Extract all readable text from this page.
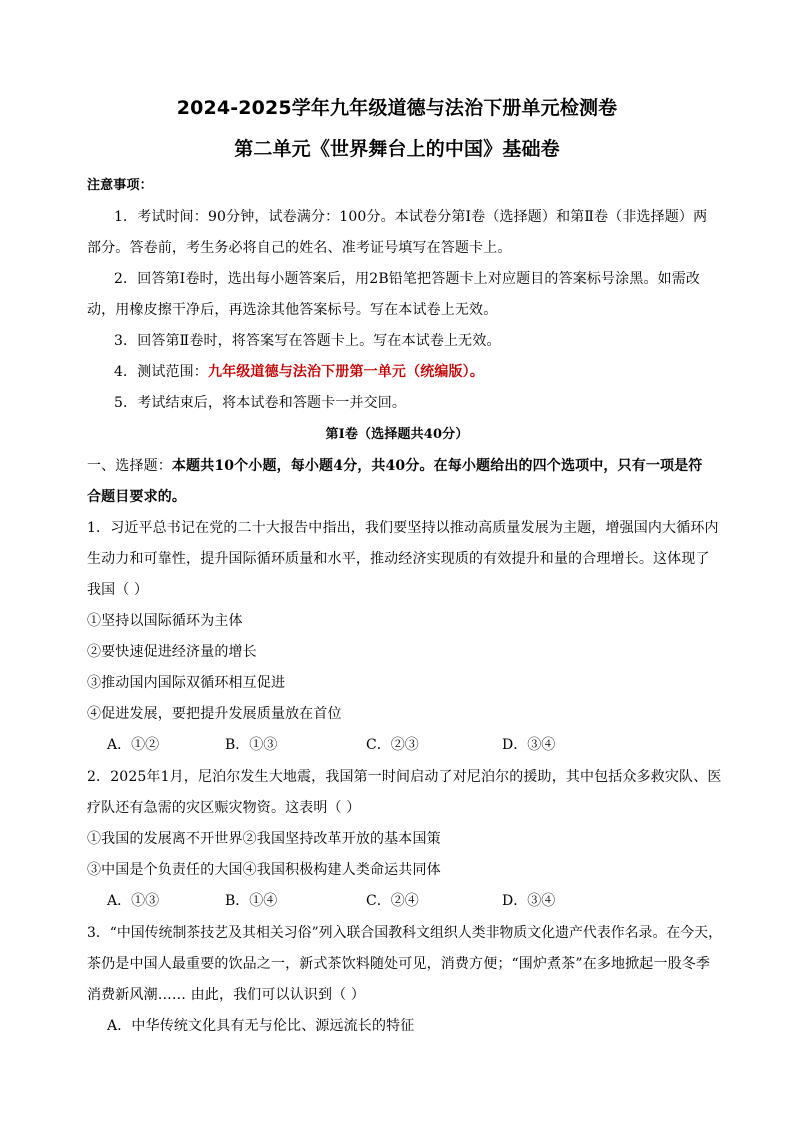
2024-2025学年九年级道德与法治下册单元检测卷
第二单元《世界舞台上的中国》基础卷
注意事项：
1．考试时间：90分钟，试卷满分：100分。本试卷分第Ⅰ卷（选择题）和第Ⅱ卷（非选择题）两
部分。答卷前，考生务必将自己的姓名、准考证号填写在答题卡上。
2．回答第Ⅰ卷时，选出每小题答案后，用2B铅笔把答题卡上对应题目的答案标号涂黑。如需改
动，用橡皮擦干净后，再选涂其他答案标号。写在本试卷上无效。
3．回答第Ⅱ卷时，将答案写在答题卡上。写在本试卷上无效。
4．测试范围：九年级道德与法治下册第一单元（统编版）。
5．考试结束后，将本试卷和答题卡一并交回。
第Ⅰ卷（选择题共40分）
一、选择题：本题共10个小题，每小题4分，共40分。在每小题给出的四个选项中，只有一项是符
合题目要求的。
1．习近平总书记在党的二十大报告中指出，我们要坚持以推动高质量发展为主题，增强国内大循环内
生动力和可靠性，提升国际循环质量和水平，推动经济实现质的有效提升和量的合理增长。这体现了
我国（ ）
①坚持以国际循环为主体
②要快速促进经济量的增长
③推动国内国际双循环相互促进
④促进发展，要把提升发展质量放在首位
A．①②	B．①③	C．②③	D．③④
2．2025年1月，尼泊尔发生大地震，我国第一时间启动了对尼泊尔的援助，其中包括众多救灾队、医
疗队还有急需的灾区赈灾物资。这表明（ ）
①我国的发展离不开世界②我国坚持改革开放的基本国策
③中国是个负责任的大国④我国积极构建人类命运共同体
A．①③	B．①④	C．②④	D．③④
3．“中国传统制茶技艺及其相关习俗”列入联合国教科文组织人类非物质文化遗产代表作名录。在今天，
茶仍是中国人最重要的饮品之一，新式茶饮料随处可见，消费方便；“围炉煮茶”在多地掀起一股冬季
消费新风潮…… 由此，我们可以认识到（ ）
A．中华传统文化具有无与伦比、源远流长的特征
